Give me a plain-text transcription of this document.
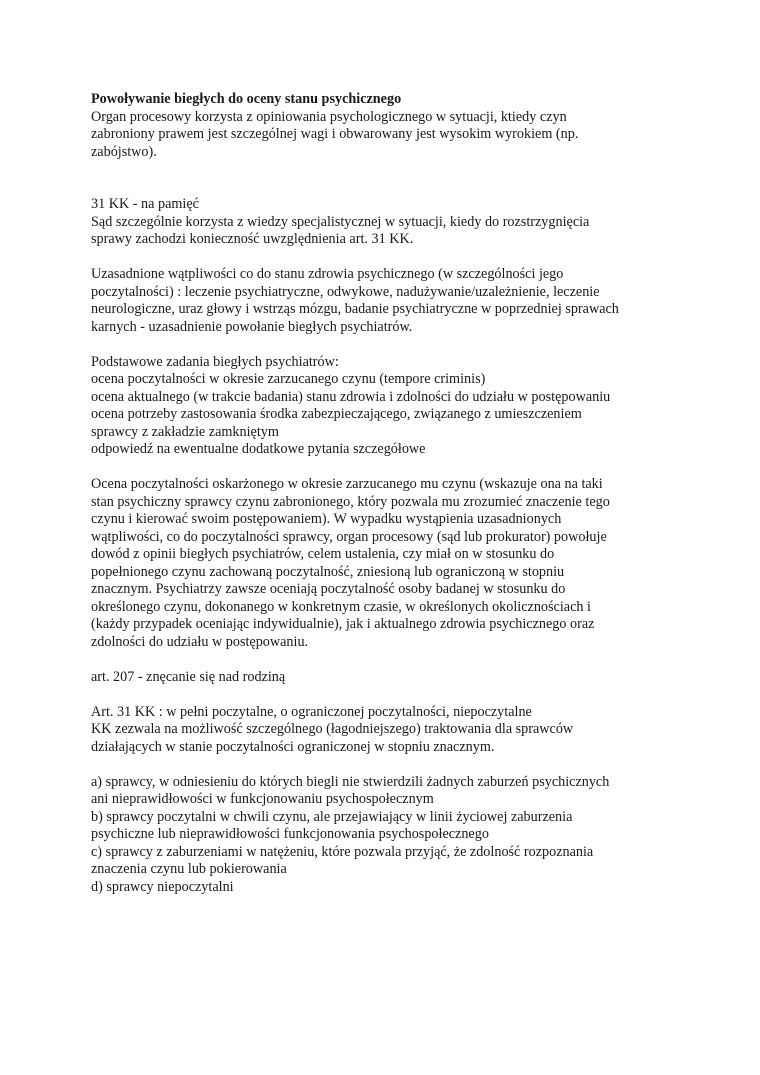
Powoływanie biegłych do oceny stanu psychicznego
Organ procesowy korzysta z opiniowania psychologicznego w sytuacji, ktiedy czyn
zabroniony prawem jest szczególnej wagi i obwarowany jest wysokim wyrokiem (np.
zabójstwo).
31 KK - na pamięć
Sąd szczególnie korzysta z wiedzy specjalistycznej w sytuacji, kiedy do rozstrzygnięcia
sprawy zachodzi konieczność uwzględnienia art. 31 KK.
Uzasadnione wątpliwości co do stanu zdrowia psychicznego (w szczególności jego
poczytalności) : leczenie psychiatryczne, odwykowe, nadużywanie/uzależnienie, leczenie
neurologiczne, uraz głowy i wstrząs mózgu, badanie psychiatryczne w poprzedniej sprawach
karnych - uzasadnienie powołanie biegłych psychiatrów.
Podstawowe zadania biegłych psychiatrów:
ocena poczytalności w okresie zarzucanego czynu (tempore criminis)
ocena aktualnego (w trakcie badania) stanu zdrowia i zdolności do udziału w postępowaniu
ocena potrzeby zastosowania środka zabezpieczającego, związanego z umieszczeniem
sprawcy z zakładzie zamkniętym
odpowiedź na ewentualne dodatkowe pytania szczegółowe
Ocena poczytalności oskarżonego w okresie zarzucanego mu czynu (wskazuje ona na taki
stan psychiczny sprawcy czynu zabronionego, który pozwala mu zrozumieć znaczenie tego
czynu i kierować swoim postępowaniem). W wypadku wystąpienia uzasadnionych
wątpliwości, co do poczytalności sprawcy, organ procesowy (sąd lub prokurator) powołuje
dowód z opinii biegłych psychiatrów, celem ustalenia, czy miał on w stosunku do
popełnionego czynu zachowaną poczytalność, zniesioną lub ograniczoną w stopniu
znacznym. Psychiatrzy zawsze oceniają poczytalność osoby badanej w stosunku do
określonego czynu, dokonanego w konkretnym czasie, w określonych okolicznościach i
(każdy przypadek oceniając indywidualnie), jak i aktualnego zdrowia psychicznego oraz
zdolności do udziału w postępowaniu.
art. 207 - znęcanie się nad rodziną
Art. 31 KK : w pełni poczytalne, o ograniczonej poczytalności, niepoczytalne
KK zezwala na możliwość szczególnego (łagodniejszego) traktowania dla sprawców
działających w stanie poczytalności ograniczonej w stopniu znacznym.
a) sprawcy, w odniesieniu do których biegli nie stwierdzili żadnych zaburzeń psychicznych
ani nieprawidłowości w funkcjonowaniu psychospołecznym
b) sprawcy poczytalni w chwili czynu, ale przejawiający w linii życiowej zaburzenia
psychiczne lub nieprawidłowości funkcjonowania psychospołecznego
c) sprawcy z zaburzeniami w natężeniu, które pozwala przyjąć, że zdolność rozpoznania
znaczenia czynu lub pokierowania
d) sprawcy niepoczytalni
